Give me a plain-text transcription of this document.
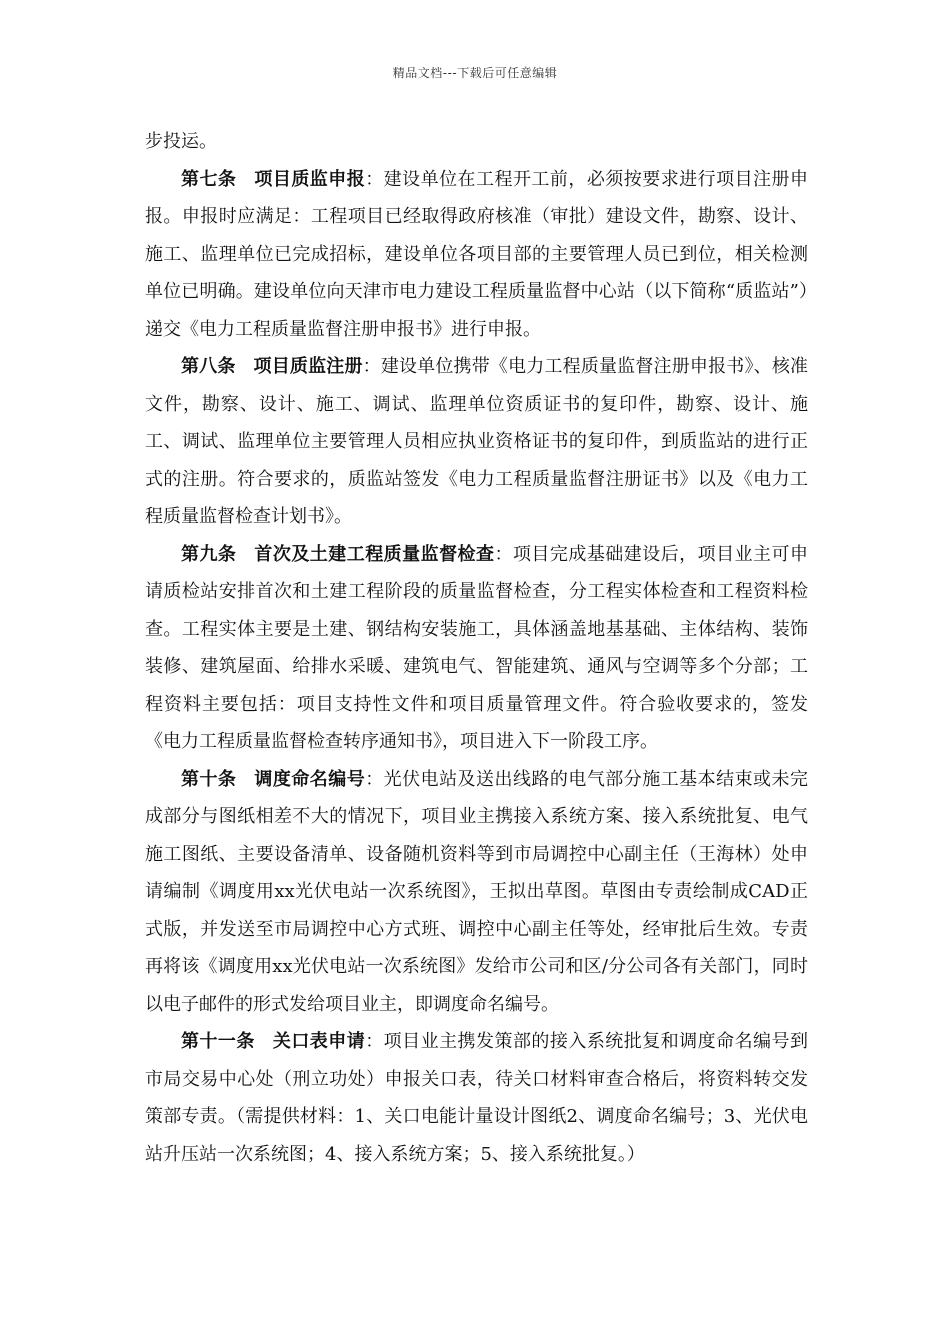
精品文档---下载后可任意编辑

步投运。

第七条 项目质监申报：建设单位在工程开工前，必须按要求进行项目注册申报。申报时应满足：工程项目已经取得政府核准（审批）建设文件，勘察、设计、施工、监理单位已完成招标，建设单位各项目部的主要管理人员已到位，相关检测单位已明确。建设单位向天津市电力建设工程质量监督中心站（以下简称“质监站”）递交《电力工程质量监督注册申报书》进行申报。

第八条 项目质监注册：建设单位携带《电力工程质量监督注册申报书》、核准文件，勘察、设计、施工、调试、监理单位资质证书的复印件，勘察、设计、施工、调试、监理单位主要管理人员相应执业资格证书的复印件，到质监站的进行正式的注册。符合要求的，质监站签发《电力工程质量监督注册证书》以及《电力工程质量监督检查计划书》。

第九条 首次及土建工程质量监督检查：项目完成基础建设后，项目业主可申请质检站安排首次和土建工程阶段的质量监督检查，分工程实体检查和工程资料检查。工程实体主要是土建、钢结构安装施工，具体涵盖地基基础、主体结构、装饰装修、建筑屋面、给排水采暖、建筑电气、智能建筑、通风与空调等多个分部；工程资料主要包括：项目支持性文件和项目质量管理文件。符合验收要求的，签发《电力工程质量监督检查转序通知书》，项目进入下一阶段工序。

第十条 调度命名编号：光伏电站及送出线路的电气部分施工基本结束或未完成部分与图纸相差不大的情况下，项目业主携接入系统方案、接入系统批复、电气施工图纸、主要设备清单、设备随机资料等到市局调控中心副主任（王海林）处申请编制《调度用xx光伏电站一次系统图》，王拟出草图。草图由专责绘制成CAD正式版，并发送至市局调控中心方式班、调控中心副主任等处，经审批后生效。专责再将该《调度用xx光伏电站一次系统图》发给市公司和区/分公司各有关部门，同时以电子邮件的形式发给项目业主，即调度命名编号。

第十一条 关口表申请：项目业主携发策部的接入系统批复和调度命名编号到市局交易中心处（刑立功处）申报关口表，待关口材料审查合格后，将资料转交发策部专责。（需提供材料：1、关口电能计量设计图纸2、调度命名编号；3、光伏电站升压站一次系统图；4、接入系统方案；5、接入系统批复。）
